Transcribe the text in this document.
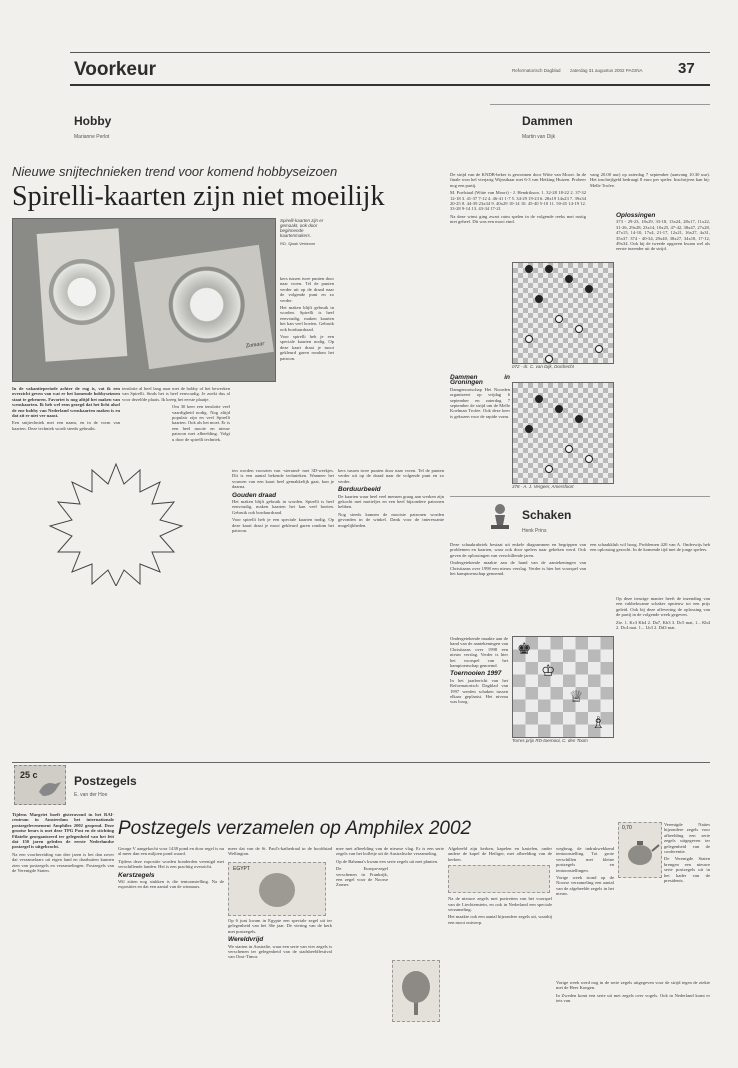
Voorkeur	Reformatorisch Dagblad zaterdag 31 augustus 2002 PAGINA 37
Hobby
Marianne Perlot
Nieuwe snijtechnieken trend voor komend hobbyseizoen
Spirelli-kaarten zijn niet moeilijk
Zomaar
Spirelli-kaarten zijn er gemaakt, ook door beginnende kaartenmakers.
RD, Sjaak Verboom

kers tussen twee punten door naar voren. Tel de punten verder uit op de draad naar de volgende punt en zo verder.

Het maken blijft gebruik in worden. Spirelli is heel eenvoudig, maken kaarten het kan veel boeien. Gebruik ook borduurdraad.

Voor spirelli heb je een speciale kaarten nodig. Op deze kaart draai je mooi gekleurd garen rondom het patroon.

In de vakantieperiode achter de rug is, vat ik een overzicht geven van wat er het komende hobbyseizoen staat te gebeuren. Favoriet is nog altijd het maken van wenskaarten. Ik heb wel eens gezegd dat het licht alsof de ene hobby van Nederland wenskaarten maken is en dat zit er niet ver naast.

Een snijtechniek met een naam, en in de vorm van kaarten. Deze techniek wordt steeds gebruikt.

tenslotte al heel lang naar met de hobby of het bewerken van Spirelli. Sinds het is heel eenvoudig. Je zoekt dus al voor dezelfde plaats. Ik kreeg het eerste plaatje.

Om 30 keer een tenslotte veel vaardigheid nodig. Nog altijd populair zijn en veel Spirelli kaarten. Ook als het moet. Er is een heel mooie en nieuw patroon met afbeelding. Volgt u door de spirelli techniek.

ten worden voorzien van -sierrand- met 3D-werkjes. Dit is een aantal bekende technieken. Wanneer het vouwen van een kaart heel gemakkelijk gaat, kun je daarna.

Gouden draad

Het maken blijft gebruik in worden. Spirelli is heel eenvoudig, maken kaarten het kan veel boeien. Gebruik ook borduurdraad.

Voor spirelli heb je een speciale kaarten nodig. Op deze kaart draai je mooi gekleurd garen rondom het patroon.

kers tussen twee punten door naar voren. Tel de punten verder uit op de draad naar de volgende punt en zo verder.

Borduurbeeld

De kaarten waar heel veel mensen graag aan werken zijn gekocht met motiefjes en een heel bijzondere patronen hebben.

Nog steeds kunnen de mooiste patronen worden gevonden in de winkel. Dank voor de interessante mogelijkheden.

Dammen
Martin van Dijk

De strijd van de KNDB-beker is gewonnen door Witte van Moort. In de finale won hel vierjarig Wijnstbaar met 6-3 van Heiking Huizen. Probeer nog een partij.

M. Poelstaal (Witte van Moort) - J. Hendrikson. 1. 32-28 18-22 2. 37-32 12-18 3. 41-37 7-12 4. 46-41 1-7 5. 34-29 19-23 6. 28x19 14x23 7. 39x34 20-25 8. 44-39 23x34 9. 40x29 10-14 10. 45-40 5-10 11. 50-45 14-19 12. 33-28 9-14 13. 43-34 17-21

Na deze winst ging zwart ruim spelen in de volgende reeks met rustig niet geheel. Dit was een mooi eind.

Dammen in Groningen

Damgenootschap Het Noorden organiseert op vrijdag 6 september en zaterdag 7 september de strijd om de Melle Koelman Trofee. Ook deze keer is gekozen voor de rapide vorm.

vang 20.00 uur) op zaterdag 7 september (aanvang 10.30 uur). Het inschrijfgeld bedraagt 8 euro per speler. Inschrijven kan bij: Melle Trofee.

072 - dr. C. van Dijk, Dordrecht
378 - A. J. Vergeer, Amersfoort
Oplossingen

373 - 29-23, 18x29, 33-18, 13x24, 28x17, 11x22, 31-26, 29x28, 23x14, 10x25, 47-42, 38x47, 27x28, 47x15, 14-10, 17x4, 21-17, 12x21, 16x27, 4x31, 35x37. 374 - 40-34, 29x40, 38x27, 34x18, 17-12, 49x34. Ook bij de tweede opgaven kwam wel als eerste inzender uit de strijd.

Schaken
Henk Prins

Deze schaakrubriek bestaat uit enkele diagrammen en begrippen van problemen en kaarten, waar ook door spelers naar gekeken werd. Ook geven de oplossingen van verschillende jaren.

Ondergetekende maakte aan de hand van de aantekeningen van Christiaans over 1998 een nieuw verslag. Verder is hier het voorspel van het kampioenschap genoemd.

een schaakklub wil hoog. Problemen 420 van A. Onderwijs heb een oplossing gezocht. In de komende tijd met de jonge spelers.

Ondergetekende maakte aan de hand van de aantekeningen van Christiaans over 1998 een nieuw verslag. Verder is hier het voorspel van het kampioenschap genoemd.

Toernooien 1997

In het jaarbericht van het Reformatorisch Dagblad van 1997 werden schaken tussen elkaar geplaatst. Het niveau was hoog.

♔
♕
♚
♗
Torres prijs RD-toernooi, C. den Toom

Op deze treurige manier heeft de inzending van een vakbekwame schaker opnieuw tot een prijs geleid. Ook bij deze aflevering de oplossing van de partij in de volgende week gegeven.

Zie. 1. Kc3 Kb4 2. Da7, Kb3 3. Dc5 mat, 1... Kb4 2. Dc4 mat. 1... Lb3 2. Dd3 mat.

25 c	Postzegels
E. van der Hoe
Postzegels verzamelen op Amphilex 2002

Tijdens Margriet hoeft gisteravond in het RAI-centrum in Amsterdam het internationale postzegelevenement Amphilex 2002 geopend. Deze grootse beurs is met deze TPG Post en de stichting Filatelie georganiseerd ter gelegenheid van het feit dat 150 jaren geleden de eerste Nederlandse postzegel is uitgebracht.

Na een voorbereiding van drie jaren is het dan zover dat verzamelaars uit eigen land en daarbuiten kunnen zien van postzegels en verzamelingen. Postzegels van de Verenigde Staten.

George V aangekocht voor 1438 pond en door regel is nu al meer dan een miljoen pond waard.

Tijdens deze expositie worden honderden verenigd met verschillende landen. Het is een prachtig overzicht.

Kerstzegels

Wil zitten nog stukken is die tentoonstelling. Na de exposities en dat een aantal van de winnaars.

meer dat van de St. Paul's-kathedraal in de hoofdstad Wellington.

EGYPT

Op 6 juni kwam in Egypte een speciale zegel uit ter gelegenheid van het 36e jaar. De viering van de kerk met postzegels.

Wereldvrijd

We starten in Australie, waar een serie van vier zegels is verschenen ter gelegenheid van de stadsbeeldfestival van Oost-Timor.

mee met afbeelding van de nieuwe vlag. Er is een serie zegels van het bolletje uit de Australische verzameling.

Op de Bahama's kwam een serie zegels uit met planten.

De Europa-zegel verschenen in Frankrijk, een zegel voor de Noorse Zomer.

Afgebeeld zijn kerken, kapelen en kastelen, onder andere de kapel de Heiliger, met afbeelding van de kerken.

Na de nieuwe zegels met portretten van het voorspel van de Liechtenstein, en ook in Nederland een speciale verzameling.

Het maakte ook een aantal bijzondere zegels uit, waarbij een mooi ontwerp.

wegbrug, de indrukwekkend tentoonstelling. Tot grote verschillen met kleine postzegels en tentoonstellingen.

Vorige week stond op de Noorse verzameling een aantal van de afgebeelde zegels in het nieuw.

0,70

Verenigde Naties bijzondere zegels voor afbeelding een serie zegels uitgegeven ter gelegenheid van de conferentie.

De Verenigde Staten brengen een nieuwe serie postzegels uit in het kader van de presidents.

Vorige week werd nog in de serie zegels uitgegeven voor de strijd tegen de ziekte met de Heer Kongen.

In Zweden komt een serie uit met zegels over vogels. Ook in Nederland komt er iets van.
